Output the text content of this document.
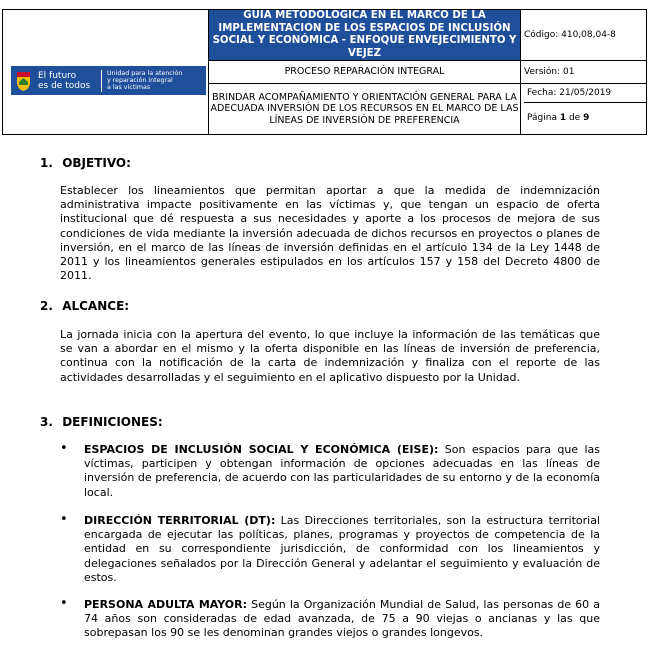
El futuro
es de todos
Unidad para la atención
y reparación integral
a las víctimas	GUIA METODOLÓGICA EN EL MARCO DE LA IMPLEMENTACION DE LOS ESPACIOS DE INCLUSIÓN SOCIAL Y ECONÓMICA - ENFOQUE ENVEJECIMIENTO Y VEJEZ	Código: 410,08,04-8
	PROCESO REPARACIÓN INTEGRAL	Versión: 01
	BRINDAR ACOMPAÑAMIENTO Y ORIENTACIÓN GENERAL PARA LA ADECUADA INVERSIÓN DE LOS RECURSOS EN EL MARCO DE LAS LÍNEAS DE INVERSIÓN DE PREFERENCIA	Fecha: 21/05/2019
Página 1 de 9
1. OBJETIVO:
Establecer los lineamientos que permitan aportar a que la medida de indemnización administrativa impacte positivamente en las víctimas y, que tengan un espacio de oferta institucional que dé respuesta a sus necesidades y aporte a los procesos de mejora de sus condiciones de vida mediante la inversión adecuada de dichos recursos en proyectos o planes de inversión, en el marco de las líneas de inversión definidas en el artículo 134 de la Ley 1448 de 2011 y los lineamientos generales estipulados en los artículos 157 y 158 del Decreto 4800 de 2011.
2. ALCANCE:
La jornada inicia con la apertura del evento, lo que incluye la información de las temáticas que se van a abordar en el mismo y la oferta disponible en las líneas de inversión de preferencia, continua con la notificación de la carta de indemnización y finaliza con el reporte de las actividades desarrolladas y el seguimiento en el aplicativo dispuesto por la Unidad.
3. DEFINICIONES:
• ESPACIOS DE INCLUSIÓN SOCIAL Y ECONÓMICA (EISE): Son espacios para que las víctimas, participen y obtengan información de opciones adecuadas en las líneas de inversión de preferencia, de acuerdo con las particularidades de su entorno y de la economía local.
• DIRECCIÓN TERRITORIAL (DT): Las Direcciones territoriales, son la estructura territorial encargada de ejecutar las políticas, planes, programas y proyectos de competencia de la entidad en su correspondiente jurisdicción, de conformidad con los lineamientos y delegaciones señalados por la Dirección General y adelantar el seguimiento y evaluación de estos.
• PERSONA ADULTA MAYOR: Según la Organización Mundial de Salud, las personas de 60 a 74 años son consideradas de edad avanzada, de 75 a 90 viejas o ancianas y las que sobrepasan los 90 se les denominan grandes viejos o grandes longevos.
